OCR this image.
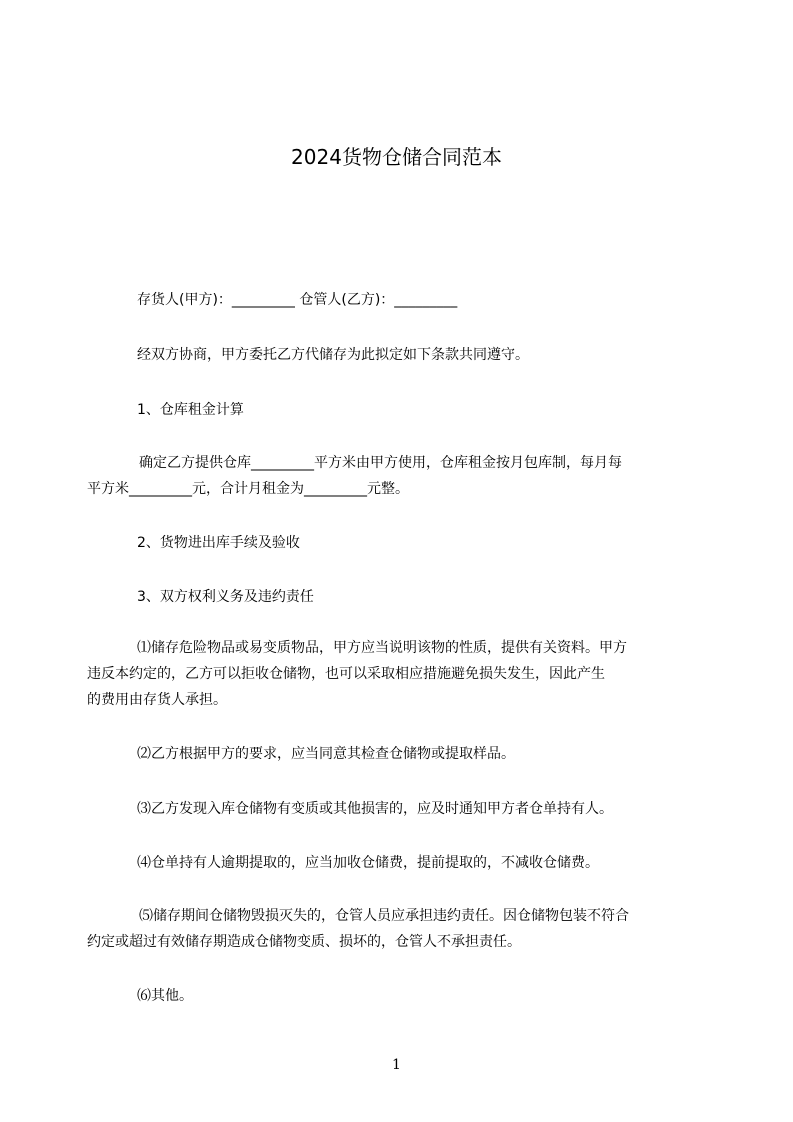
2024货物仓储合同范本

存货人(甲方)：_________ 仓管人(乙方)：_________

经双方协商，甲方委托乙方代储存为此拟定如下条款共同遵守。

1、仓库租金计算

确定乙方提供仓库_________平方米由甲方使用，仓库租金按月包库制，每月每
平方米_________元，合计月租金为_________元整。

2、货物进出库手续及验收

3、双方权利义务及违约责任

⑴储存危险物品或易变质物品，甲方应当说明该物的性质，提供有关资料。甲方
违反本约定的，乙方可以拒收仓储物，也可以采取相应措施避免损失发生，因此产生
的费用由存货人承担。

⑵乙方根据甲方的要求，应当同意其检查仓储物或提取样品。

⑶乙方发现入库仓储物有变质或其他损害的，应及时通知甲方者仓单持有人。

⑷仓单持有人逾期提取的，应当加收仓储费，提前提取的，不减收仓储费。

⑸储存期间仓储物毁损灭失的，仓管人员应承担违约责任。因仓储物包装不符合
约定或超过有效储存期造成仓储物变质、损坏的，仓管人不承担责任。

⑹其他。

1
